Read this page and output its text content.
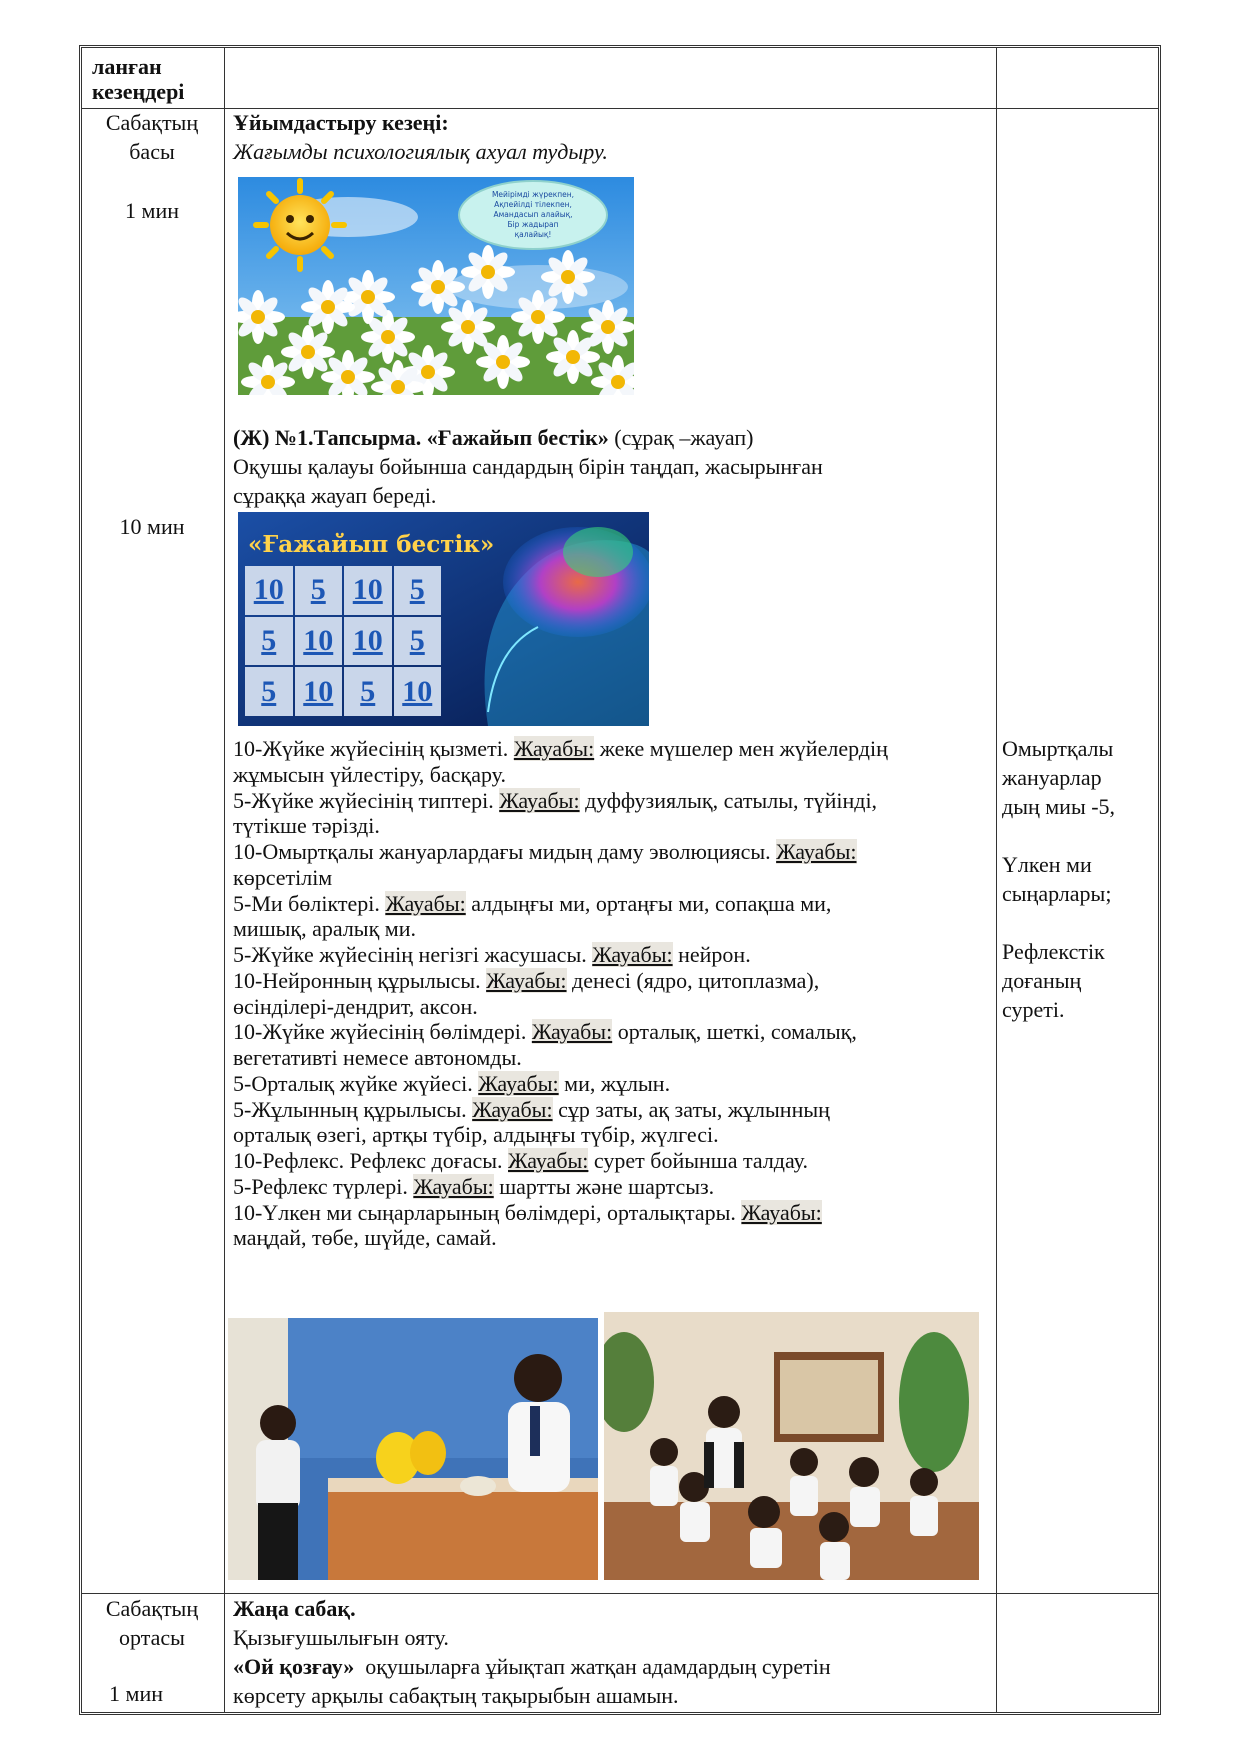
ланған
кезеңдері
Сабақтың
басы
1 мин
10 мин
Ұйымдастыру кезеңі:
Жағымды психологиялық ахуал тудыру.
Мейірімді жүрекпен,
Ақпейілді тілекпен,
Амандасып алайық,
Бір жадырап
қалайық!
(Ж) №1.Тапсырма. «Ғажайып бестік» (сұрақ –жауап)
Оқушы қалауы бойынша сандардың бірін таңдап, жасырынған
сұраққа жауап береді.
«Ғажайып бестік»
10 5 10 5
5 10 10 5
5 10 5 10
10-Жүйке жүйесінің қызметі. Жауабы: жеке мүшелер мен жүйелердің
жұмысын үйлестіру, басқару.
5-Жүйке жүйесінің типтері. Жауабы: дуффузиялық, сатылы, түйінді,
түтікше тәрізді.
10-Омыртқалы жануарлардағы мидың даму эволюциясы. Жауабы:
көрсетілім
5-Ми бөліктері. Жауабы: алдыңғы ми, ортаңғы ми, сопақша ми,
мишық, аралық ми.
5-Жүйке жүйесінің негізгі жасушасы. Жауабы: нейрон.
10-Нейронның құрылысы. Жауабы: денесі (ядро, цитоплазма),
өсінділері-дендрит, аксон.
10-Жүйке жүйесінің бөлімдері. Жауабы: орталық, шеткі, сомалық,
вегетативті немесе автономды.
5-Орталық жүйке жүйесі. Жауабы: ми, жұлын.
5-Жұлынның құрылысы. Жауабы: сұр заты, ақ заты, жұлынның
орталық өзегі, артқы түбір, алдыңғы түбір, жүлгесі.
10-Рефлекс. Рефлекс доғасы. Жауабы: сурет бойынша талдау.
5-Рефлекс түрлері. Жауабы: шартты және шартсыз.
10-Үлкен ми сыңарларының бөлімдері, орталықтары. Жауабы:
маңдай, төбе, шүйде, самай.
Омыртқалы
жануарлар
дың миы -5,
Үлкен ми
сыңарлары;
Рефлекстік
доғаның
суреті.
Сабақтың
ортасы
1 мин
Жаңа сабақ.
Қызығушылығын ояту.
«Ой қозғау»  оқушыларға ұйықтап жатқан адамдардың суретін
көрсету арқылы сабақтың тақырыбын ашамын.
